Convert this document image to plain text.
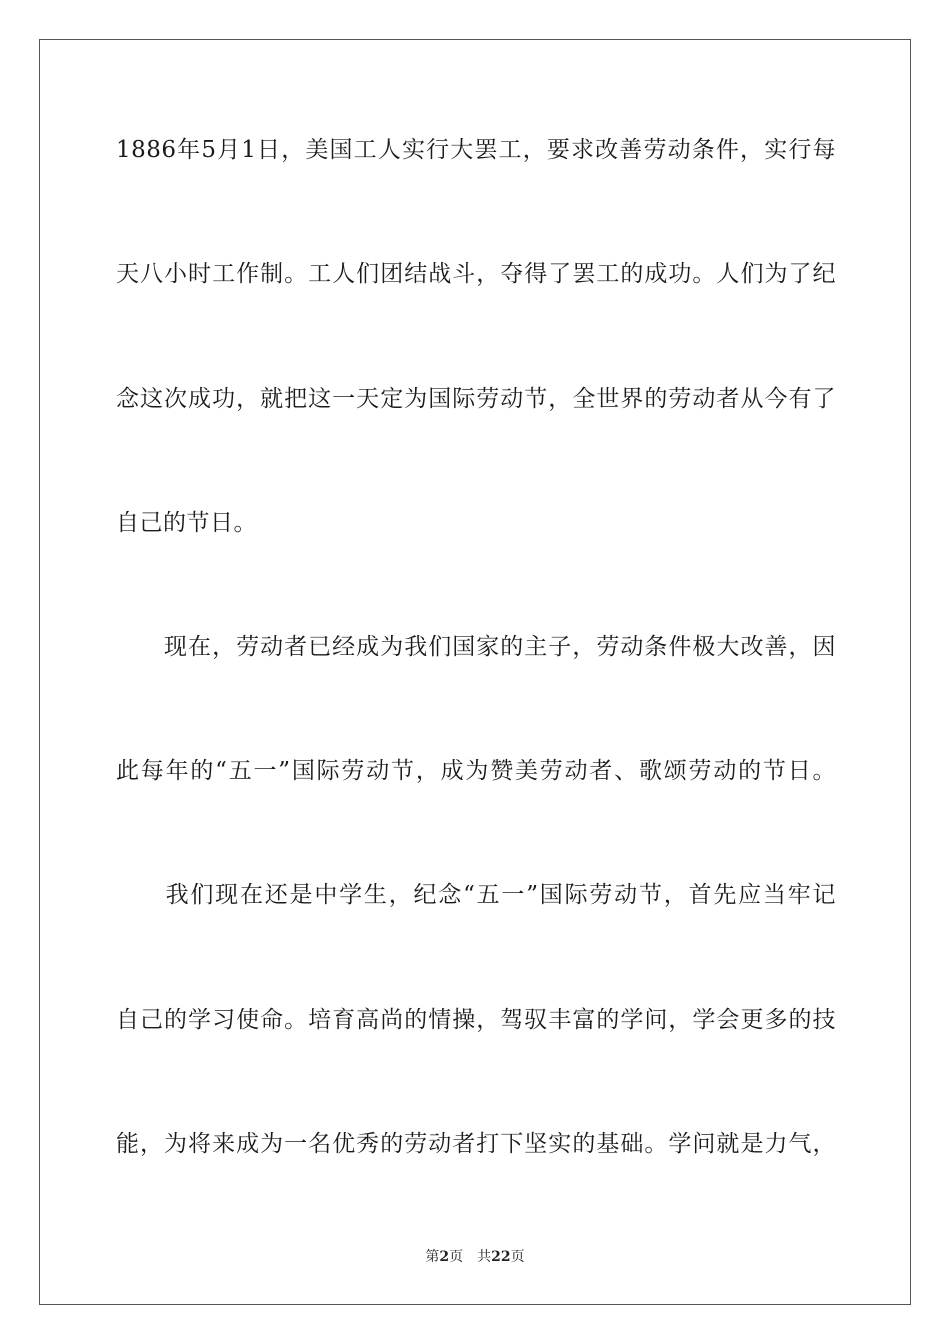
1886年5月1日，美国工人实行大罢工，要求改善劳动条件，实行每
天八小时工作制。工人们团结战斗，夺得了罢工的成功。人们为了纪
念这次成功，就把这一天定为国际劳动节，全世界的劳动者从今有了
自己的节日。
　　现在，劳动者已经成为我们国家的主子，劳动条件极大改善，因
此每年的“五一”国际劳动节，成为赞美劳动者、歌颂劳动的节日。
　　我们现在还是中学生，纪念“五一”国际劳动节，首先应当牢记
自己的学习使命。培育高尚的情操，驾驭丰富的学问，学会更多的技
能，为将来成为一名优秀的劳动者打下坚实的基础。学问就是力气，
第2页 共22页
